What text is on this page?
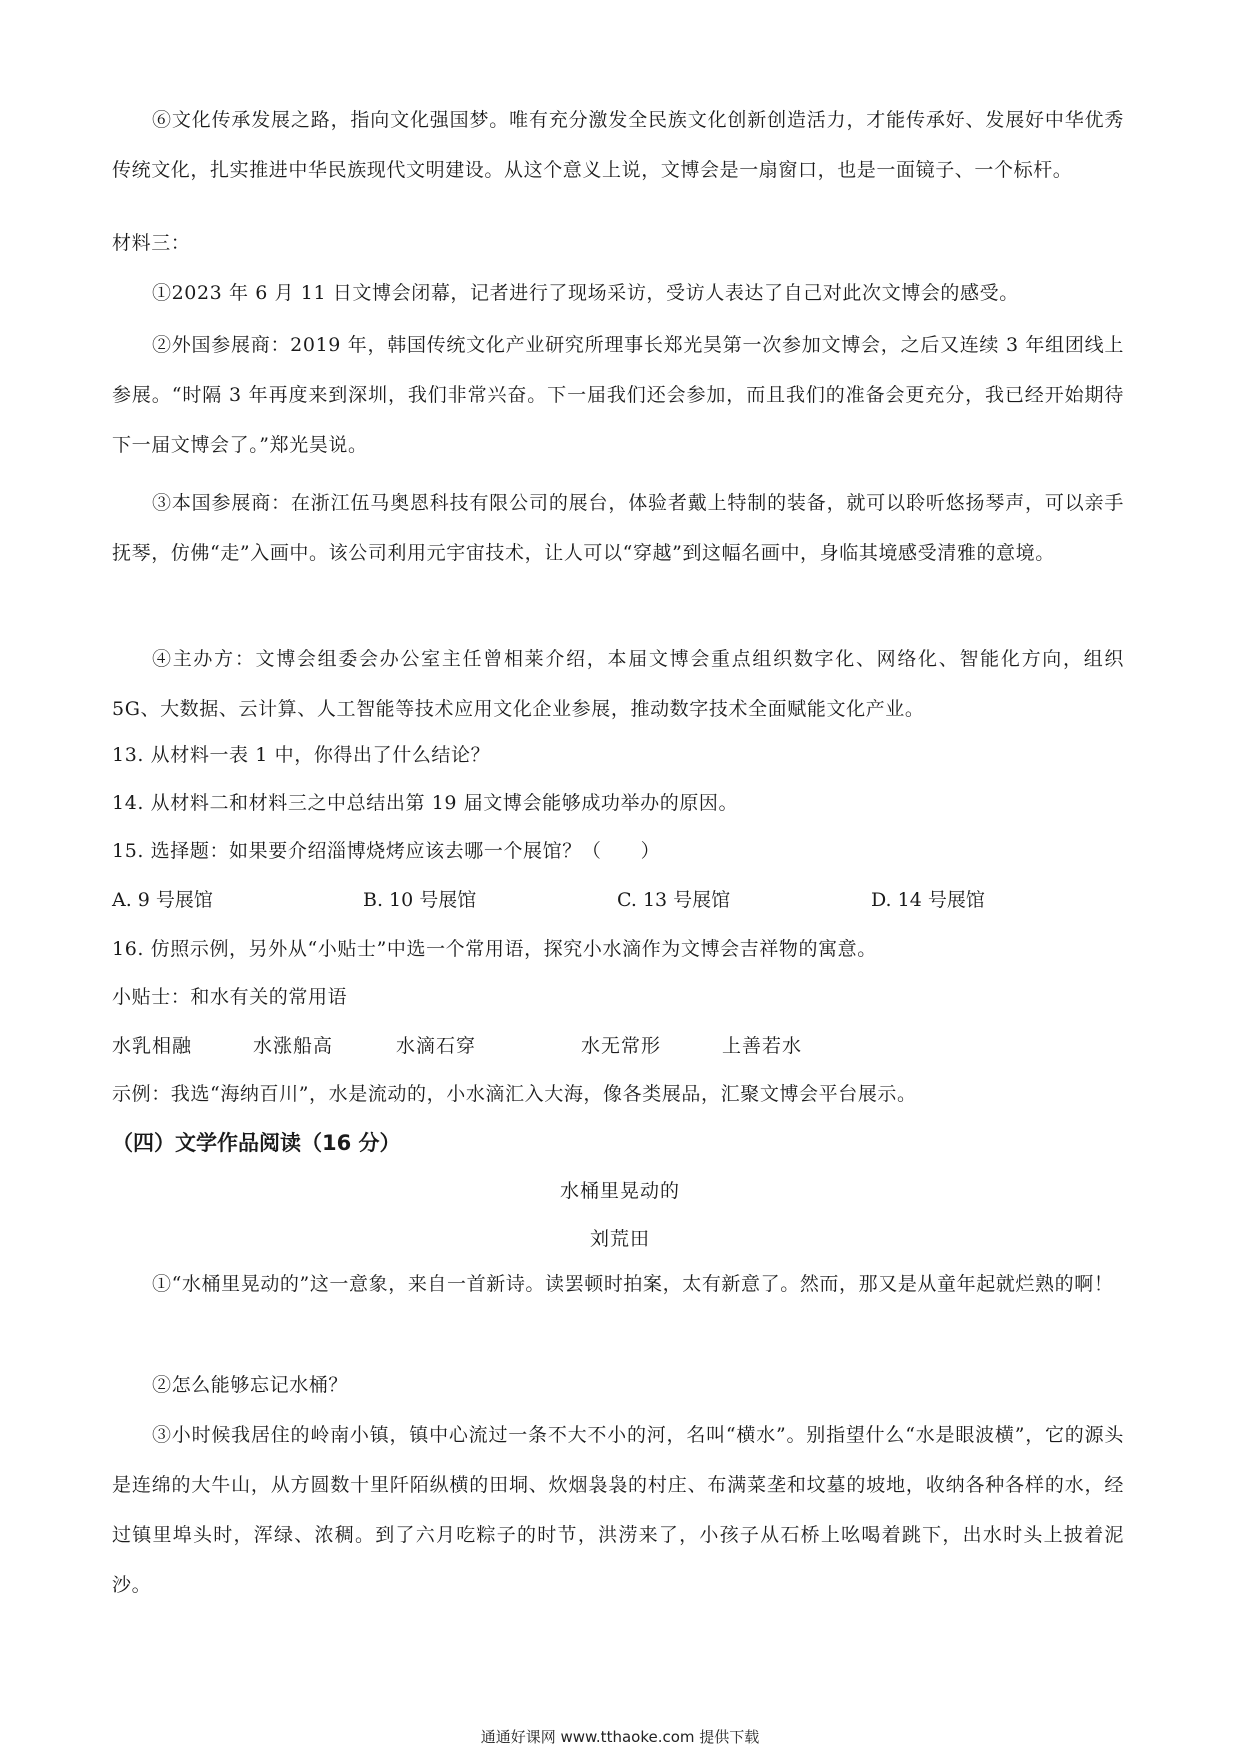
⑥文化传承发展之路，指向文化强国梦。唯有充分激发全民族文化创新创造活力，才能传承好、发展好中华优秀传统文化，扎实推进中华民族现代文明建设。从这个意义上说，文博会是一扇窗口，也是一面镜子、一个标杆。

材料三：

①2023 年 6 月 11 日文博会闭幕，记者进行了现场采访，受访人表达了自己对此次文博会的感受。

②外国参展商：2019 年，韩国传统文化产业研究所理事长郑光昊第一次参加文博会，之后又连续 3 年组团线上参展。“时隔 3 年再度来到深圳，我们非常兴奋。下一届我们还会参加，而且我们的准备会更充分，我已经开始期待下一届文博会了。”郑光昊说。

③本国参展商：在浙江伍马奥恩科技有限公司的展台，体验者戴上特制的装备，就可以聆听悠扬琴声，可以亲手抚琴，仿佛“走”入画中。该公司利用元宇宙技术，让人可以“穿越”到这幅名画中，身临其境感受清雅的意境。

④主办方：文博会组委会办公室主任曾相莱介绍，本届文博会重点组织数字化、网络化、智能化方向，组织 5G、大数据、云计算、人工智能等技术应用文化企业参展，推动数字技术全面赋能文化产业。

13. 从材料一表 1 中，你得出了什么结论？

14. 从材料二和材料三之中总结出第 19 届文博会能够成功举办的原因。

15. 选择题：如果要介绍淄博烧烤应该去哪一个展馆？（　　）

A. 9 号展馆	B. 10 号展馆	C. 13 号展馆	D. 14 号展馆

16. 仿照示例，另外从“小贴士”中选一个常用语，探究小水滴作为文博会吉祥物的寓意。

小贴士：和水有关的常用语

水乳相融	水涨船高	水滴石穿	水无常形	上善若水

示例：我选“海纳百川”，水是流动的，小水滴汇入大海，像各类展品，汇聚文博会平台展示。

（四）文学作品阅读（16 分）

水桶里晃动的

刘荒田

①“水桶里晃动的”这一意象，来自一首新诗。读罢顿时拍案，太有新意了。然而，那又是从童年起就烂熟的啊！

②怎么能够忘记水桶？

③小时候我居住的岭南小镇，镇中心流过一条不大不小的河，名叫“横水”。别指望什么“水是眼波横”，它的源头是连绵的大牛山，从方圆数十里阡陌纵横的田垌、炊烟袅袅的村庄、布满菜垄和坟墓的坡地，收纳各种各样的水，经过镇里埠头时，浑绿、浓稠。到了六月吃粽子的时节，洪涝来了，小孩子从石桥上吆喝着跳下，出水时头上披着泥沙。

通通好课网 www.tthaoke.com 提供下载
